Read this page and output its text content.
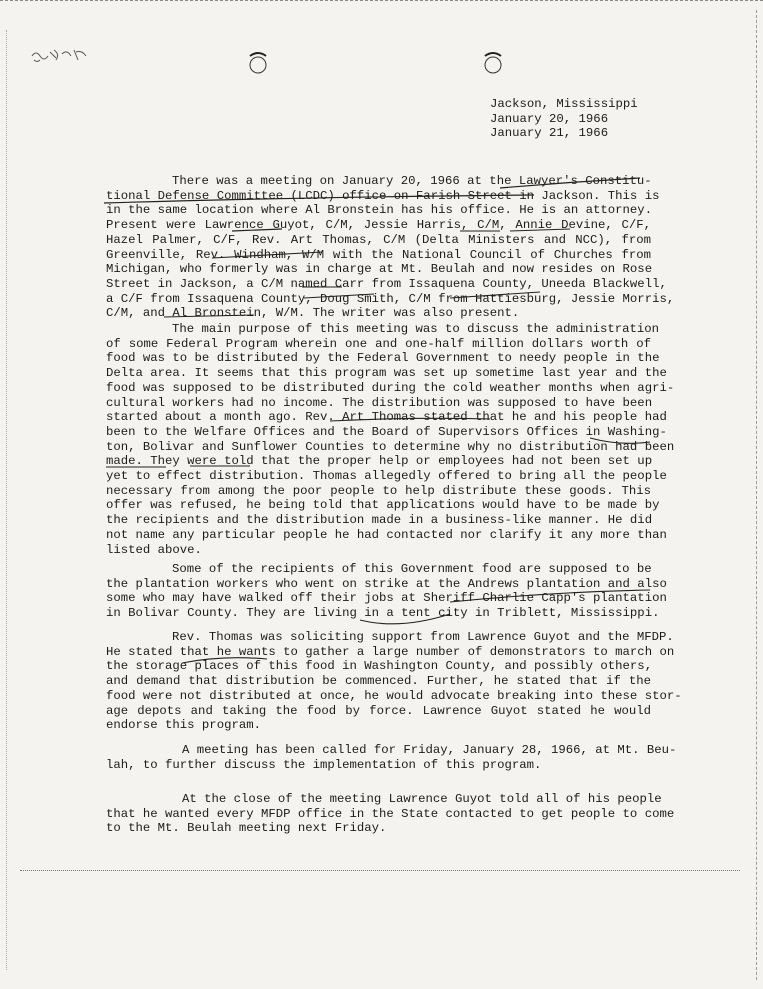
Jackson, Mississippi
January 20, 1966
January 21, 1966
There was a meeting on January 20, 1966 at the Lawyer's Constitu-
tional Defense Committee (LCDC) office on Farish Street in Jackson. This is
in the same location where Al Bronstein has his office. He is an attorney.
Present were Lawrence Guyot, C/M, Jessie Harris, C/M, Annie Devine, C/F,
Hazel Palmer, C/F, Rev. Art Thomas, C/M (Delta Ministers and NCC), from
Greenville, Rev. Windham, W/M with the National Council of Churches from
Michigan, who formerly was in charge at Mt. Beulah and now resides on Rose
Street in Jackson, a C/M named Carr from Issaquena County, Uneeda Blackwell,
a C/F from Issaquena County, Doug Smith, C/M from Hattiesburg, Jessie Morris,
C/M, and Al Bronstein, W/M. The writer was also present.
The main purpose of this meeting was to discuss the administration
of some Federal Program wherein one and one-half million dollars worth of
food was to be distributed by the Federal Government to needy people in the
Delta area. It seems that this program was set up sometime last year and the
food was supposed to be distributed during the cold weather months when agri-
cultural workers had no income. The distribution was supposed to have been
started about a month ago. Rev. Art Thomas stated that he and his people had
been to the Welfare Offices and the Board of Supervisors Offices in Washing-
ton, Bolivar and Sunflower Counties to determine why no distribution had been
made. They were told that the proper help or employees had not been set up
yet to effect distribution. Thomas allegedly offered to bring all the people
necessary from among the poor people to help distribute these goods. This
offer was refused, he being told that applications would have to be made by
the recipients and the distribution made in a business-like manner. He did
not name any particular people he had contacted nor clarify it any more than
listed above.
Some of the recipients of this Government food are supposed to be
the plantation workers who went on strike at the Andrews plantation and also
some who may have walked off their jobs at Sheriff Charlie Capp's plantation
in Bolivar County. They are living in a tent city in Triblett, Mississippi.
Rev. Thomas was soliciting support from Lawrence Guyot and the MFDP.
He stated that he wants to gather a large number of demonstrators to march on
the storage places of this food in Washington County, and possibly others,
and demand that distribution be commenced. Further, he stated that if the
food were not distributed at once, he would advocate breaking into these stor-
age depots and taking the food by force. Lawrence Guyot stated he would
endorse this program.
A meeting has been called for Friday, January 28, 1966, at Mt. Beu-
lah, to further discuss the implementation of this program.
At the close of the meeting Lawrence Guyot told all of his people
that he wanted every MFDP office in the State contacted to get people to come
to the Mt. Beulah meeting next Friday.
